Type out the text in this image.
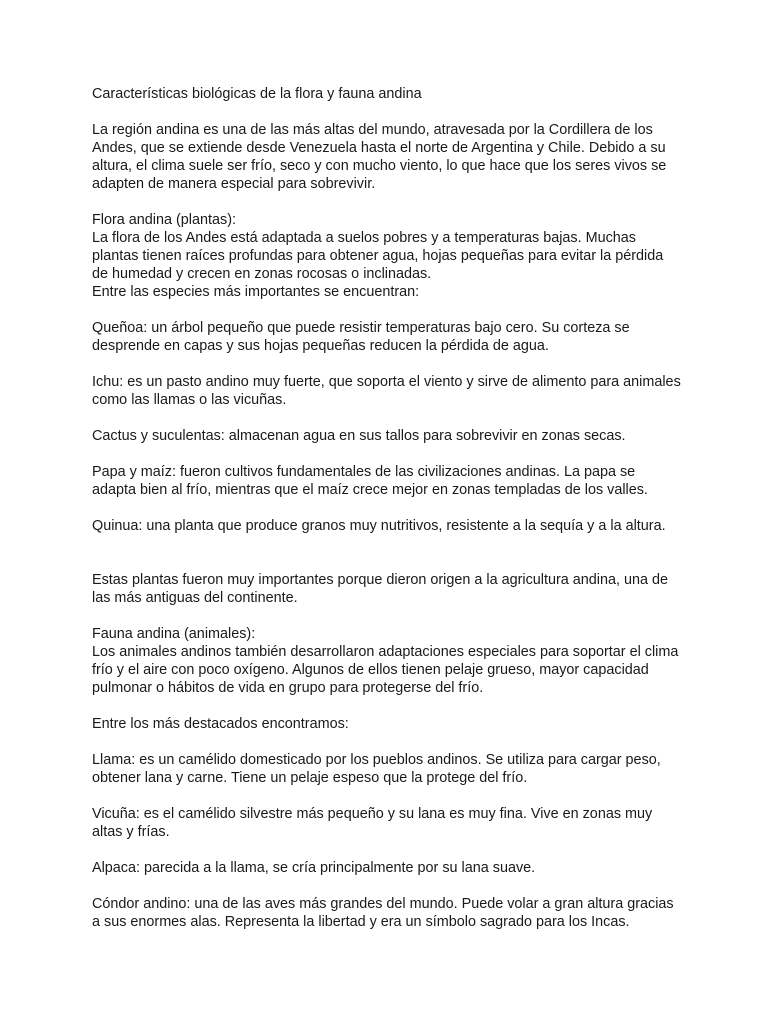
Características biológicas de la flora y fauna andina
La región andina es una de las más altas del mundo, atravesada por la Cordillera de los
Andes, que se extiende desde Venezuela hasta el norte de Argentina y Chile. Debido a su
altura, el clima suele ser frío, seco y con mucho viento, lo que hace que los seres vivos se
adapten de manera especial para sobrevivir.
Flora andina (plantas):
La flora de los Andes está adaptada a suelos pobres y a temperaturas bajas. Muchas
plantas tienen raíces profundas para obtener agua, hojas pequeñas para evitar la pérdida
de humedad y crecen en zonas rocosas o inclinadas.
Entre las especies más importantes se encuentran:
Queñoa: un árbol pequeño que puede resistir temperaturas bajo cero. Su corteza se
desprende en capas y sus hojas pequeñas reducen la pérdida de agua.
Ichu: es un pasto andino muy fuerte, que soporta el viento y sirve de alimento para animales
como las llamas o las vicuñas.
Cactus y suculentas: almacenan agua en sus tallos para sobrevivir en zonas secas.
Papa y maíz: fueron cultivos fundamentales de las civilizaciones andinas. La papa se
adapta bien al frío, mientras que el maíz crece mejor en zonas templadas de los valles.
Quinua: una planta que produce granos muy nutritivos, resistente a la sequía y a la altura.
Estas plantas fueron muy importantes porque dieron origen a la agricultura andina, una de
las más antiguas del continente.
Fauna andina (animales):
Los animales andinos también desarrollaron adaptaciones especiales para soportar el clima
frío y el aire con poco oxígeno. Algunos de ellos tienen pelaje grueso, mayor capacidad
pulmonar o hábitos de vida en grupo para protegerse del frío.
Entre los más destacados encontramos:
Llama: es un camélido domesticado por los pueblos andinos. Se utiliza para cargar peso,
obtener lana y carne. Tiene un pelaje espeso que la protege del frío.
Vicuña: es el camélido silvestre más pequeño y su lana es muy fina. Vive en zonas muy
altas y frías.
Alpaca: parecida a la llama, se cría principalmente por su lana suave.
Cóndor andino: una de las aves más grandes del mundo. Puede volar a gran altura gracias
a sus enormes alas. Representa la libertad y era un símbolo sagrado para los Incas.
